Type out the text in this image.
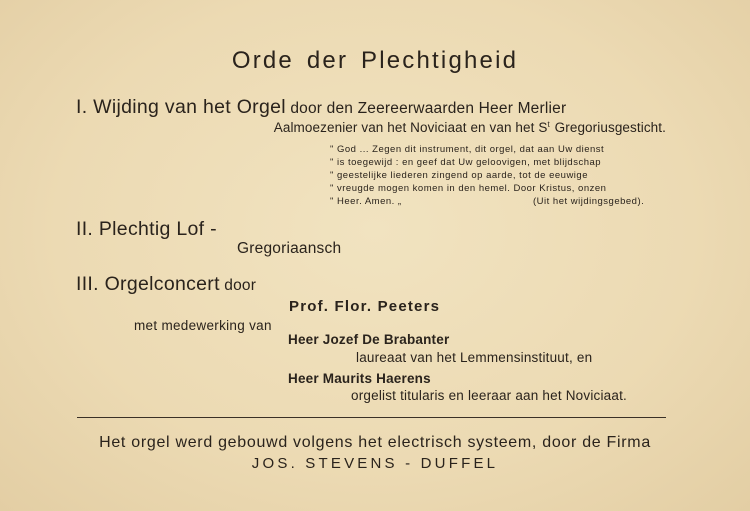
Orde der Plechtigheid
I. Wijding van het Orgel door den Zeereerwaarden Heer Merlier
Aalmoezenier van het Noviciaat en van het $S^t$ Gregoriusgesticht.
" God ... Zegen dit instrument, dit orgel, dat aan Uw dienst
" is toegewijd : en geef dat Uw geloovigen, met blijdschap
" geestelijke liederen zingend op aarde, tot de eeuwige
" vreugde mogen komen in den hemel. Door Kristus, onzen
" Heer. Amen. „	(Uit het wijdingsgebed).
II. Plechtig Lof -
Gregoriaansch
III. Orgelconcert door
Prof. Flor. Peeters
met medewerking van
Heer Jozef De Brabanter
laureaat van het Lemmensinstituut, en
Heer Maurits Haerens
orgelist titularis en leeraar aan het Noviciaat.
Het orgel werd gebouwd volgens het electrisch systeem, door de Firma
JOS. STEVENS - DUFFEL
